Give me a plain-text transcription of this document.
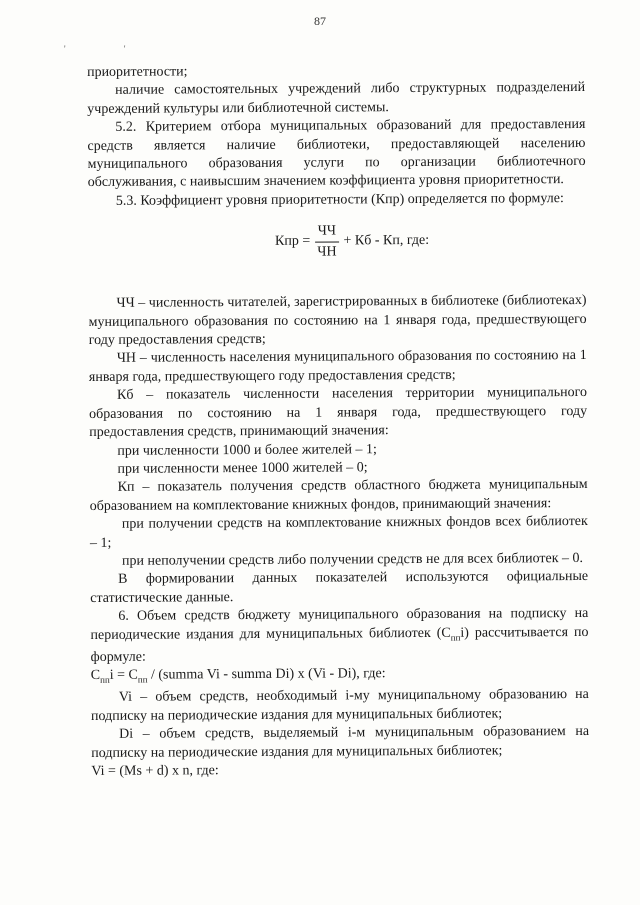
87
' '

приоритетности;

наличие самостоятельных учреждений либо структурных подразделений учреждений культуры или библиотечной системы.

5.2. Критерием отбора муниципальных образований для предоставления средств является наличие библиотеки, предоставляющей населению муниципального образования услуги по организации библиотечного обслуживания, с наивысшим значением коэффициента уровня приоритетности.

5.3. Коэффициент уровня приоритетности (Кпр) определяется по формуле:

Кпр = $\frac{ЧЧ}{ЧН}$ + Кб - Кп, где:

ЧЧ – численность читателей, зарегистрированных в библиотеке (библиотеках) муниципального образования по состоянию на 1 января года, предшествующего году предоставления средств;

ЧН – численность населения муниципального образования по состоянию на 1 января года, предшествующего году предоставления средств;

Кб – показатель численности населения территории муниципального образования по состоянию на 1 января года, предшествующего году предоставления средств, принимающий значения:

при численности 1000 и более жителей – 1;

при численности менее 1000 жителей – 0;

Кп – показатель получения средств областного бюджета муниципальным образованием на комплектование книжных фондов, принимающий значения:

при получении средств на комплектование книжных фондов всех библиотек – 1;

при неполучении средств либо получении средств не для всех библиотек – 0.

В формировании данных показателей используются официальные статистические данные.

6. Объем средств бюджету муниципального образования на подписку на периодические издания для муниципальных библиотек $(С_{пп}i)$ рассчитывается по формуле:

$С_{пп}i = С_{пп}$ / (summa Vi - summa Di) x (Vi - Di), где:

Vi – объем средств, необходимый i-му муниципальному образованию на подписку на периодические издания для муниципальных библиотек;

Di – объем средств, выделяемый i-м муниципальным образованием на подписку на периодические издания для муниципальных библиотек;

Vi = (Ms + d) x n, где:
